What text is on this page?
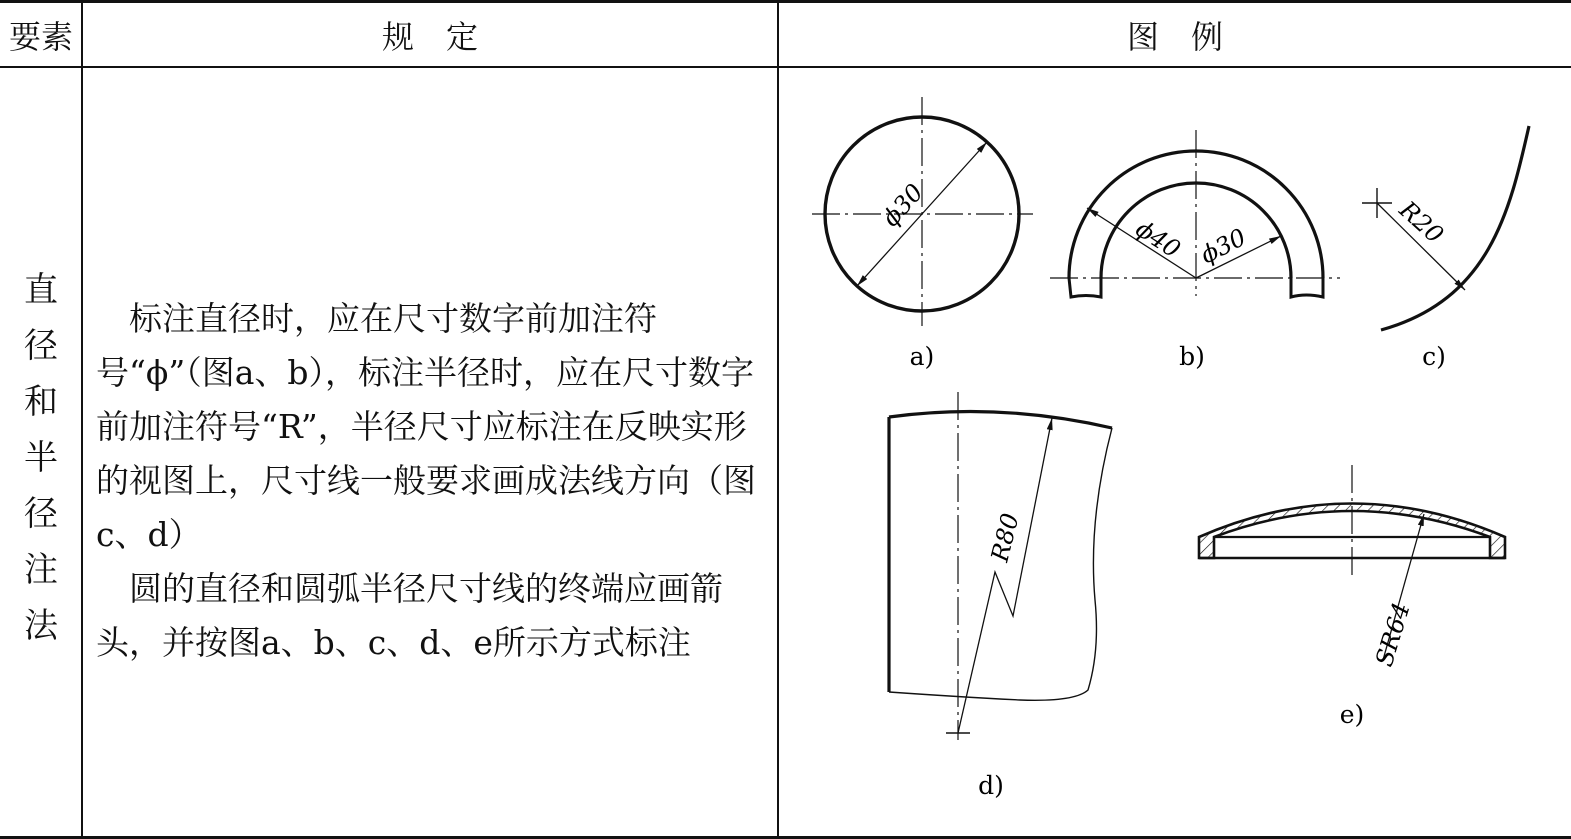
要素	规　定	图　例
直
径
和
半
径
注
法

标注直径时，应在尺寸数字前加注符号“ϕ”（图a、b），标注半径时，应在尺寸数字前加注符号“R”，半径尺寸应标注在反映实形的视图上，尺寸线一般要求画成法线方向（图c、d）

圆的直径和圆弧半径尺寸线的终端应画箭头，并按图a、b、c、d、e所示方式标注

ϕ30
a)
ϕ40 ϕ30
b)
R20
c)
R80
d)
SR64
e)
